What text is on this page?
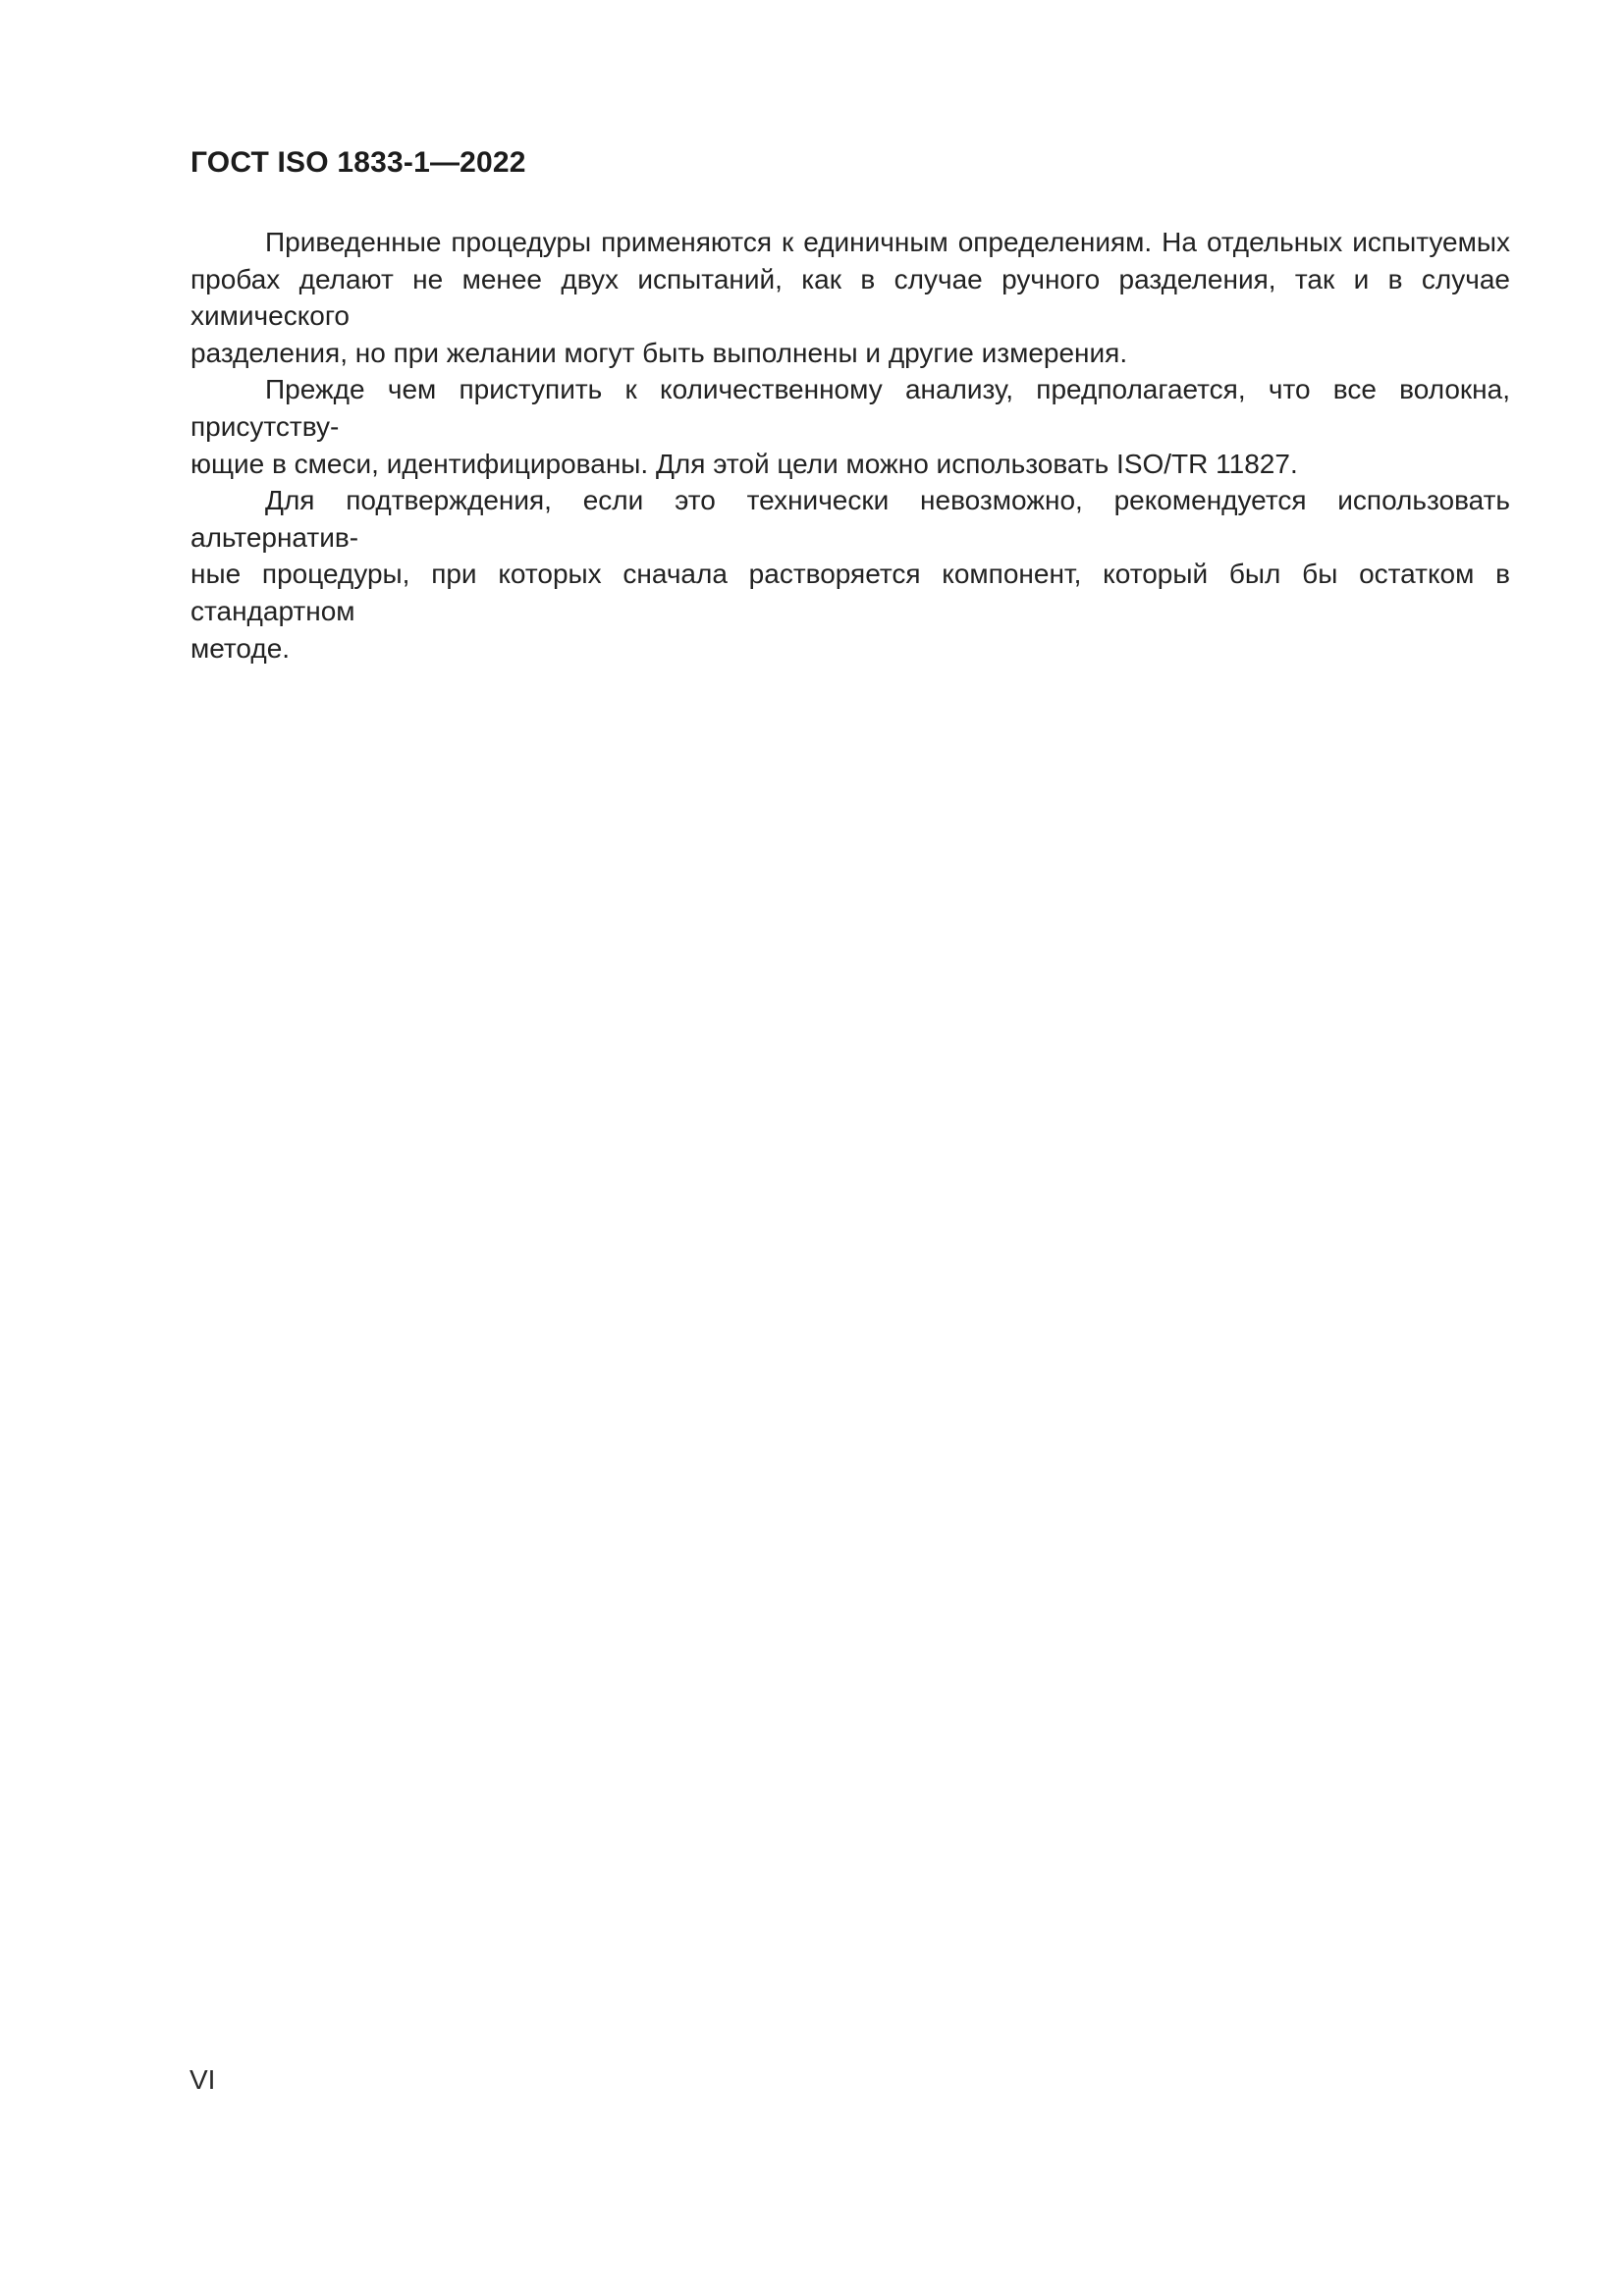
ГОСТ ISO 1833-1—2022
Приведенные процедуры применяются к единичным определениям. На отдельных испытуемых
пробах делают не менее двух испытаний, как в случае ручного разделения, так и в случае химического
разделения, но при желании могут быть выполнены и другие измерения.
Прежде чем приступить к количественному анализу, предполагается, что все волокна, присутству-
ющие в смеси, идентифицированы. Для этой цели можно использовать ISO/TR 11827.
Для подтверждения, если это технически невозможно, рекомендуется использовать альтернатив-
ные процедуры, при которых сначала растворяется компонент, который был бы остатком в стандартном
методе.
VI
